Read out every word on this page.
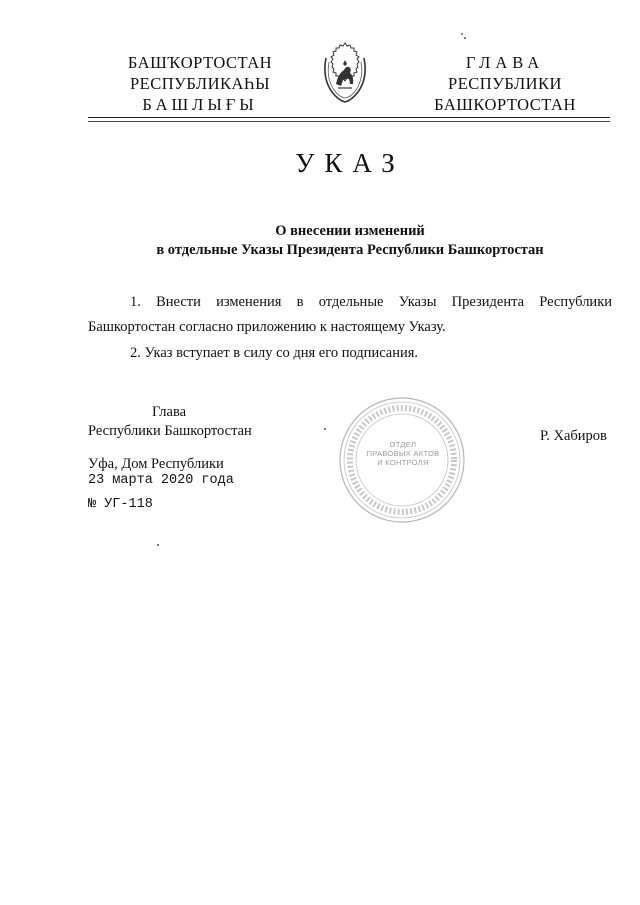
БАШҠОРТОСТАН
РЕСПУБЛИКАҺЫ
БАШЛЫҒЫ
ГЛАВА
РЕСПУБЛИКИ
БАШКОРТОСТАН
УКАЗ
О внесении изменений
в отдельные Указы Президента Республики Башкортостан
1. Внести изменения в отдельные Указы Президента Республики
Башкортостан согласно приложению к настоящему Указу.
2. Указ вступает в силу со дня его подписания.
Глава
Республики Башкортостан	Р. Хабиров
ОТДЕЛ
ПРАВОВЫХ АКТОВ
И КОНТРОЛЯ
Уфа, Дом Республики
23 марта 2020 года
№ УГ-118
